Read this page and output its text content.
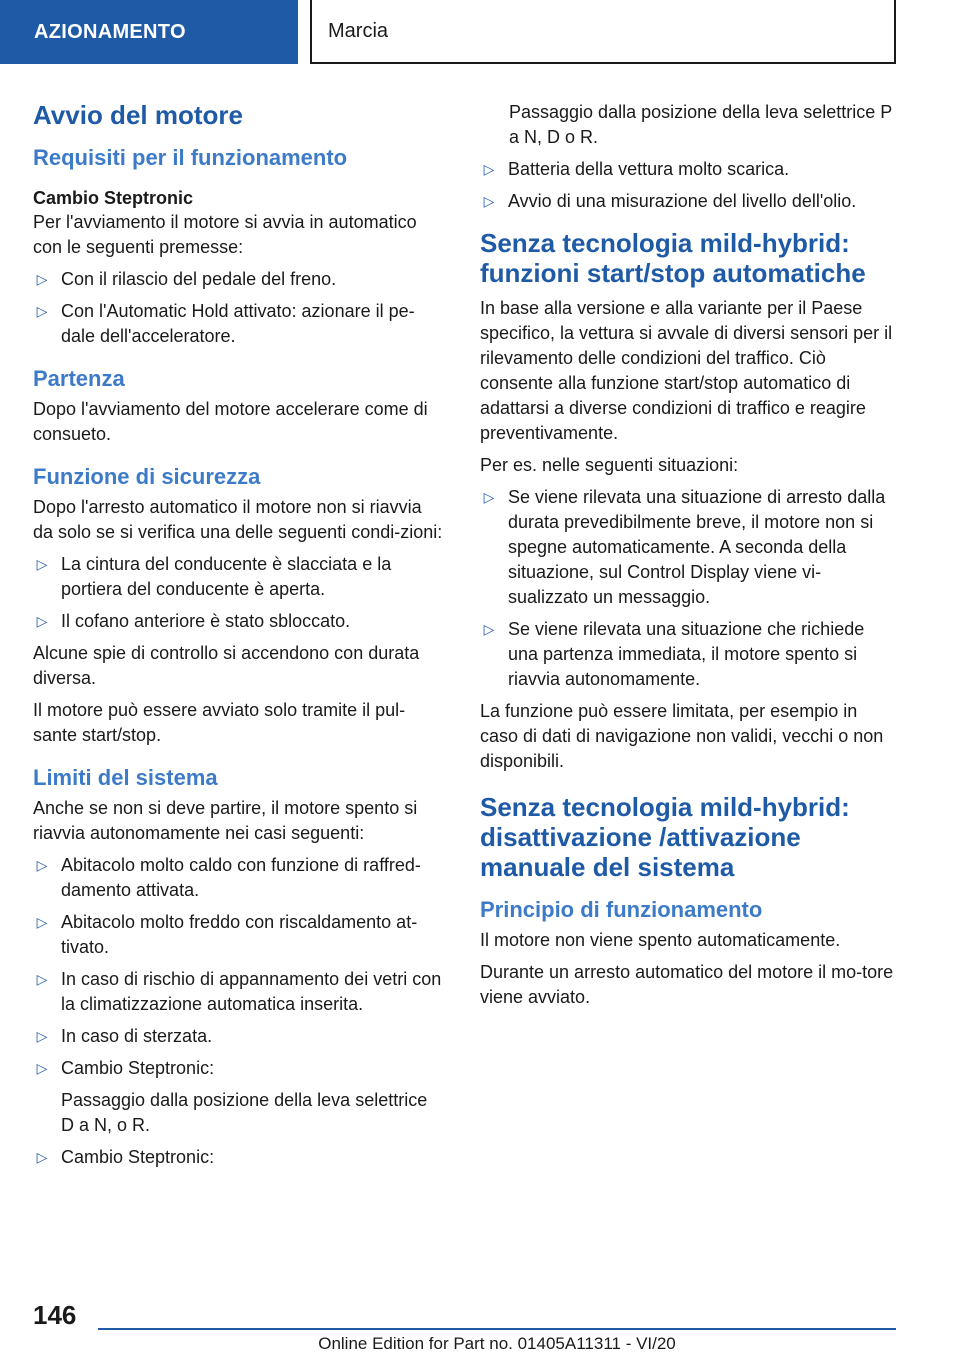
AZIONAMENTO	Marcia
Avvio del motore
Requisiti per il funzionamento
Cambio Steptronic

Per l'avviamento il motore si avvia in automatico con le seguenti premesse:

▷ Con il rilascio del pedale del freno.
▷ Con l'Automatic Hold attivato: azionare il pe-dale dell'acceleratore.
Partenza

Dopo l'avviamento del motore accelerare come di consueto.

Funzione di sicurezza

Dopo l'arresto automatico il motore non si riavvia da solo se si verifica una delle seguenti condi-zioni:

▷ La cintura del conducente è slacciata e la portiera del conducente è aperta.
▷ Il cofano anteriore è stato sbloccato.

Alcune spie di controllo si accendono con durata diversa.

Il motore può essere avviato solo tramite il pul-sante start/stop.

Limiti del sistema

Anche se non si deve partire, il motore spento si riavvia autonomamente nei casi seguenti:

▷ Abitacolo molto caldo con funzione di raffred-damento attivata.
▷ Abitacolo molto freddo con riscaldamento at-tivato.
▷ In caso di rischio di appannamento dei vetri con la climatizzazione automatica inserita.
▷ In caso di sterzata.
▷ Cambio Steptronic:
Passaggio dalla posizione della leva selettrice D a N, o R.
▷ Cambio Steptronic:

Passaggio dalla posizione della leva selettrice P a N, D o R.

▷ Batteria della vettura molto scarica.
▷ Avvio di una misurazione del livello dell'olio.
Senza tecnologia mild-hybrid: funzioni start/stop automatiche

In base alla versione e alla variante per il Paese specifico, la vettura si avvale di diversi sensori per il rilevamento delle condizioni del traffico. Ciò consente alla funzione start/stop automatico di adattarsi a diverse condizioni di traffico e reagire preventivamente.

Per es. nelle seguenti situazioni:

▷ Se viene rilevata una situazione di arresto dalla durata prevedibilmente breve, il motore non si spegne automaticamente. A seconda della situazione, sul Control Display viene vi-sualizzato un messaggio.
▷ Se viene rilevata una situazione che richiede una partenza immediata, il motore spento si riavvia autonomamente.

La funzione può essere limitata, per esempio in caso di dati di navigazione non validi, vecchi o non disponibili.

Senza tecnologia mild-hybrid: disattivazione /attivazione manuale del sistema
Principio di funzionamento

Il motore non viene spento automaticamente.

Durante un arresto automatico del motore il mo-tore viene avviato.

146
Online Edition for Part no. 01405A11311 - VI/20
